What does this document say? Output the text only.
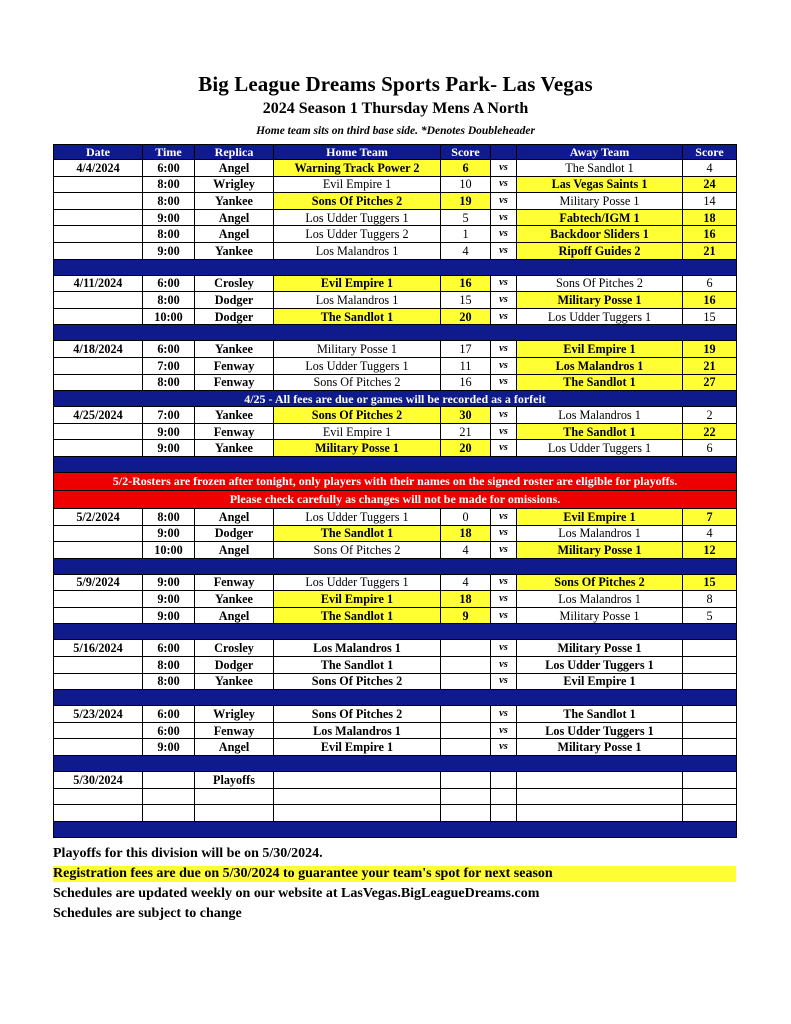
Big League Dreams Sports Park- Las Vegas
2024 Season 1 Thursday Mens A North
Home team sits on third base side. *Denotes Doubleheader
Date	Time	Replica	Home Team	Score		Away Team	Score
4/4/2024	6:00	Angel	Warning Track Power 2	6	vs	The Sandlot 1	4
	8:00	Wrigley	Evil Empire 1	10	vs	Las Vegas Saints 1	24
	8:00	Yankee	Sons Of Pitches 2	19	vs	Military Posse 1	14
	9:00	Angel	Los Udder Tuggers 1	5	vs	Fabtech/IGM 1	18
	8:00	Angel	Los Udder Tuggers 2	1	vs	Backdoor Sliders 1	16
	9:00	Yankee	Los Malandros 1	4	vs	Ripoff Guides 2	21

4/11/2024	6:00	Crosley	Evil Empire 1	16	vs	Sons Of Pitches 2	6
	8:00	Dodger	Los Malandros 1	15	vs	Military Posse 1	16
	10:00	Dodger	The Sandlot 1	20	vs	Los Udder Tuggers 1	15

4/18/2024	6:00	Yankee	Military Posse 1	17	vs	Evil Empire 1	19
	7:00	Fenway	Los Udder Tuggers 1	11	vs	Los Malandros 1	21
	8:00	Fenway	Sons Of Pitches 2	16	vs	The Sandlot 1	27
4/25 - All fees are due or games will be recorded as a forfeit							
4/25/2024	7:00	Yankee	Sons Of Pitches 2	30	vs	Los Malandros 1	2
	9:00	Fenway	Evil Empire 1	21	vs	The Sandlot 1	22
	9:00	Yankee	Military Posse 1	20	vs	Los Udder Tuggers 1	6

5/2-Rosters are frozen after tonight, only players with their names on the signed roster are eligible for playoffs.							
Please check carefully as changes will not be made for omissions.							
5/2/2024	8:00	Angel	Los Udder Tuggers 1	0	vs	Evil Empire 1	7
	9:00	Dodger	The Sandlot 1	18	vs	Los Malandros 1	4
	10:00	Angel	Sons Of Pitches 2	4	vs	Military Posse 1	12

5/9/2024	9:00	Fenway	Los Udder Tuggers 1	4	vs	Sons Of Pitches 2	15
	9:00	Yankee	Evil Empire 1	18	vs	Los Malandros 1	8
	9:00	Angel	The Sandlot 1	9	vs	Military Posse 1	5

5/16/2024	6:00	Crosley	Los Malandros 1		vs	Military Posse 1	
	8:00	Dodger	The Sandlot 1		vs	Los Udder Tuggers 1	
	8:00	Yankee	Sons Of Pitches 2		vs	Evil Empire 1	

5/23/2024	6:00	Wrigley	Sons Of Pitches 2		vs	The Sandlot 1	
	6:00	Fenway	Los Malandros 1		vs	Los Udder Tuggers 1	
	9:00	Angel	Evil Empire 1		vs	Military Posse 1	

5/30/2024		Playoffs					

Playoffs for this division will be on 5/30/2024.
Registration fees are due on 5/30/2024 to guarantee your team's spot for next season
Schedules are updated weekly on our website at LasVegas.BigLeagueDreams.com
Schedules are subject to change
